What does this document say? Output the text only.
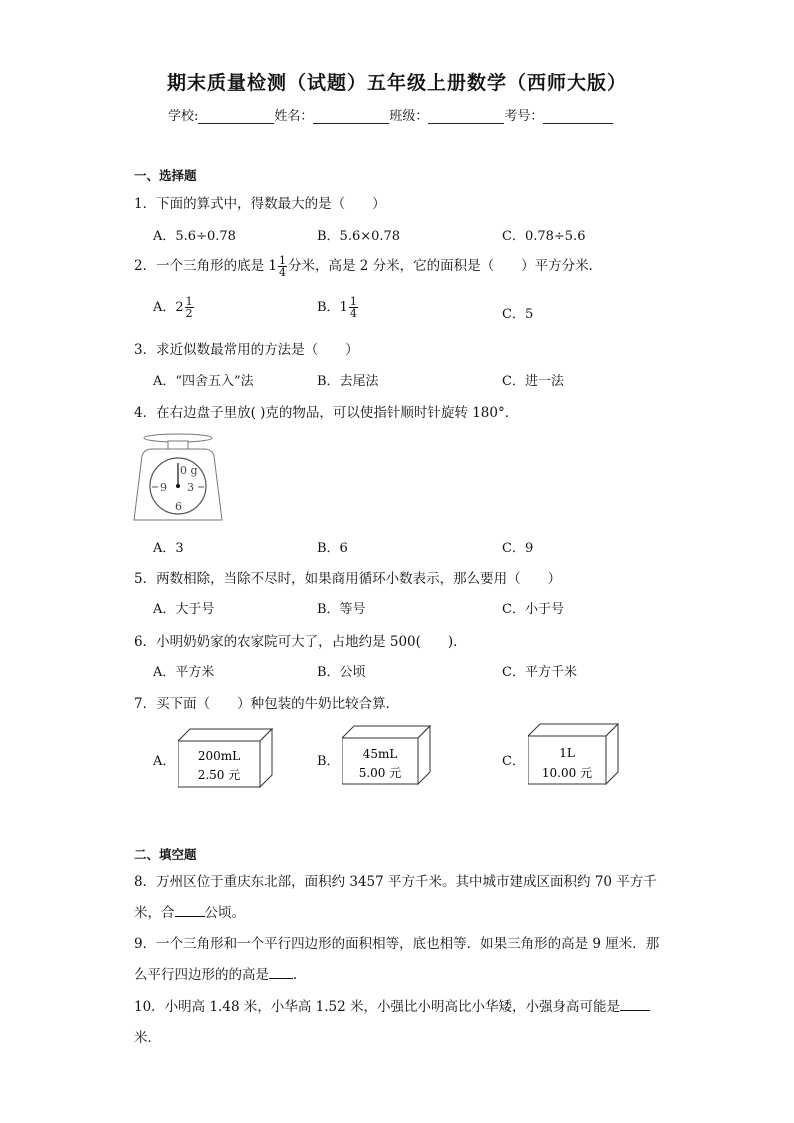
期末质量检测（试题）五年级上册数学（西师大版）
学校:	姓名：	班级：	考号：
一、选择题
1．下面的算式中，得数最大的是（　　）
A．5.6÷0.78	B．5.6×0.78	C．0.78÷5.6
2．一个三角形的底是 $1 \frac{1}{4}$ 分米，高是 2 分米，它的面积是（　　）平方分米．
A．$2 \frac{1}{2}$	B．$1 \frac{1}{4}$	C．5
3．求近似数最常用的方法是（　　）
A．“四舍五入”法	B．去尾法	C．进一法
4．在右边盘子里放( )克的物品，可以使指针顺时针旋转 180°．
0 g
3
6
9
A．3	B．6	C．9
5．两数相除，当除不尽时，如果商用循环小数表示，那么要用（　　）
A．大于号	B．等号	C．小于号
6．小明奶奶家的农家院可大了，占地约是 500(　　)．
A．平方米	B．公顷	C．平方千米
7．买下面（　　）种包装的牛奶比较合算．
A． 200mL
2.50 元
B． 45mL
5.00 元
C．
1L
10.00 元
二、填空题
8．万州区位于重庆东北部，面积约 3457 平方千米。其中城市建成区面积约 70 平方千
米，合 公顷。
9．一个三角形和一个平行四边形的面积相等，底也相等．如果三角形的高是 9 厘米．那
么平行四边形的的高是 ．
10．小明高 1.48 米，小华高 1.52 米，小强比小明高比小华矮，小强身高可能是
米．
